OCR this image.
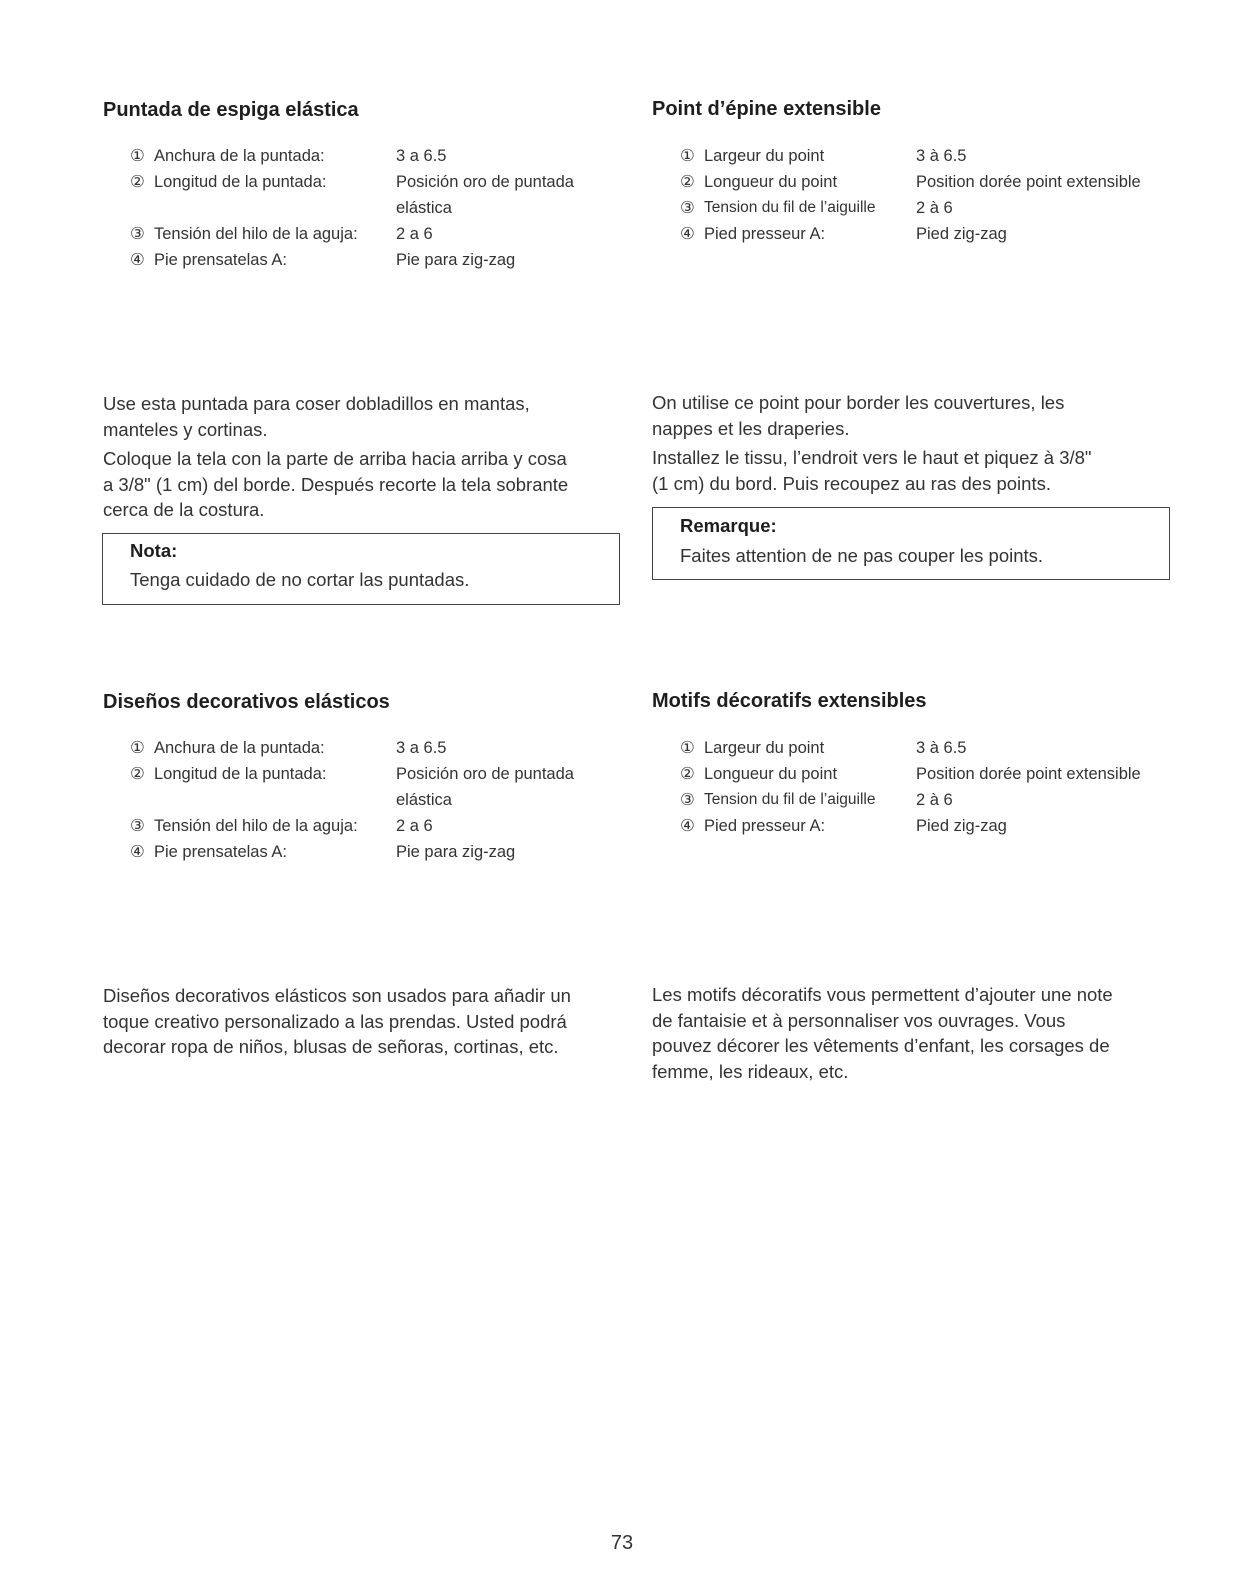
Puntada de espiga elástica
① Anchura de la puntada:	3 a 6.5
② Longitud de la puntada:	Posición oro de puntada
elástica
③ Tensión del hilo de la aguja: 2 a 6
④ Pie prensatelas A:	Pie para zig-zag

Use esta puntada para coser dobladillos en mantas,
manteles y cortinas.

Coloque la tela con la parte de arriba hacia arriba y cosa
a 3/8" (1 cm) del borde. Después recorte la tela sobrante
cerca de la costura.

Nota:
Tenga cuidado de no cortar las puntadas.
Point d’épine extensible
① Largeur du point	3 à 6.5
② Longueur du point	Position dorée point extensible
③ Tension du fil de l’aiguille 2 à 6
④ Pied presseur A:	Pied zig-zag

On utilise ce point pour border les couvertures, les
nappes et les draperies.

Installez le tissu, l’endroit vers le haut et piquez à 3/8"
(1 cm) du bord. Puis recoupez au ras des points.

Remarque:
Faites attention de ne pas couper les points.
Diseños decorativos elásticos
① Anchura de la puntada:	3 a 6.5
② Longitud de la puntada:	Posición oro de puntada
elástica
③ Tensión del hilo de la aguja: 2 a 6
④ Pie prensatelas A:	Pie para zig-zag

Diseños decorativos elásticos son usados para añadir un
toque creativo personalizado a las prendas. Usted podrá
decorar ropa de niños, blusas de señoras, cortinas, etc.

Motifs décoratifs extensibles
① Largeur du point	3 à 6.5
② Longueur du point	Position dorée point extensible
③ Tension du fil de l’aiguille 2 à 6
④ Pied presseur A:	Pied zig-zag

Les motifs décoratifs vous permettent d’ajouter une note
de fantaisie et à personnaliser vos ouvrages. Vous
pouvez décorer les vêtements d’enfant, les corsages de
femme, les rideaux, etc.

73
